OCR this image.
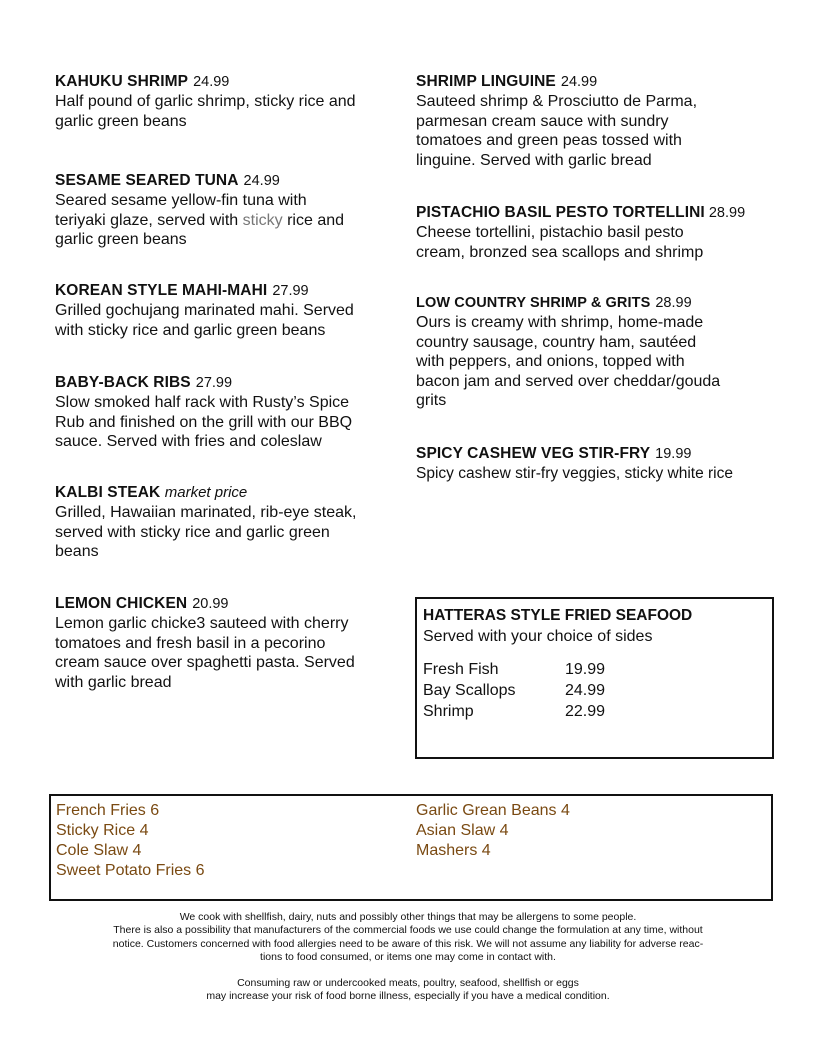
KAHUKU SHRIMP 24.99
Half pound of garlic shrimp, sticky rice and
garlic green beans
SESAME SEARED TUNA 24.99
Seared sesame yellow-fin tuna with
teriyaki glaze, served with sticky rice and
garlic green beans
KOREAN STYLE MAHI-MAHI 27.99
Grilled gochujang marinated mahi. Served
with sticky rice and garlic green beans
BABY-BACK RIBS 27.99
Slow smoked half rack with Rusty’s Spice
Rub and finished on the grill with our BBQ
sauce. Served with fries and coleslaw
KALBI STEAK market price
Grilled, Hawaiian marinated, rib-eye steak,
served with sticky rice and garlic green
beans
LEMON CHICKEN 20.99
Lemon garlic chicke3 sauteed with cherry
tomatoes and fresh basil in a pecorino
cream sauce over spaghetti pasta. Served
with garlic bread
SHRIMP LINGUINE 24.99
Sauteed shrimp & Prosciutto de Parma,
parmesan cream sauce with sundry
tomatoes and green peas tossed with
linguine. Served with garlic bread
PISTACHIO BASIL PESTO TORTELLINI 28.99
Cheese tortellini, pistachio basil pesto
cream, bronzed sea scallops and shrimp
LOW COUNTRY SHRIMP & GRITS 28.99
Ours is creamy with shrimp, home-made
country sausage, country ham, sautéed
with peppers, and onions, topped with
bacon jam and served over cheddar/gouda
grits
SPICY CASHEW VEG STIR-FRY 19.99
Spicy cashew stir-fry veggies, sticky white rice
HATTERAS STYLE FRIED SEAFOOD
Served with your choice of sides
Fresh Fish	19.99
Bay Scallops	24.99
Shrimp	22.99
French Fries 6
Sticky Rice 4
Cole Slaw 4
Sweet Potato Fries 6
Garlic Grean Beans 4
Asian Slaw 4
Mashers 4

We cook with shellfish, dairy, nuts and possibly other things that may be allergens to some people.

There is also a possibility that manufacturers of the commercial foods we use could change the formulation at any time, without

notice. Customers concerned with food allergies need to be aware of this risk. We will not assume any liability for adverse reac-

tions to food consumed, or items one may come in contact with.

Consuming raw or undercooked meats, poultry, seafood, shellfish or eggs

may increase your risk of food borne illness, especially if you have a medical condition.
